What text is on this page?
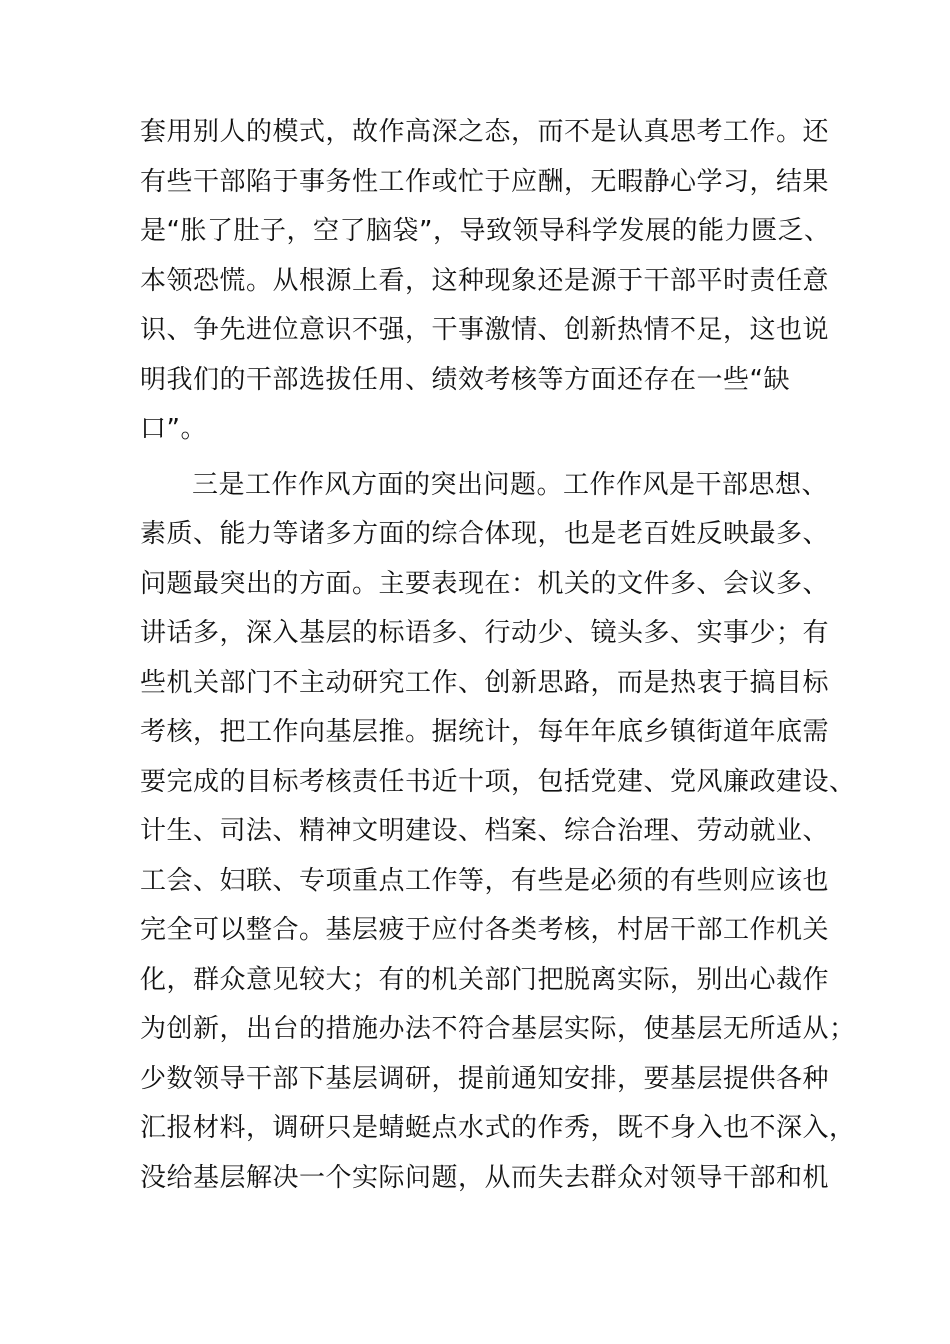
套用别人的模式，故作高深之态，而不是认真思考工作。还
有些干部陷于事务性工作或忙于应酬，无暇静心学习，结果
是“胀了肚子，空了脑袋”，导致领导科学发展的能力匮乏、
本领恐慌。从根源上看，这种现象还是源于干部平时责任意
识、争先进位意识不强，干事激情、创新热情不足，这也说
明我们的干部选拔任用、绩效考核等方面还存在一些“缺
口”。
三是工作作风方面的突出问题。工作作风是干部思想、
素质、能力等诸多方面的综合体现，也是老百姓反映最多、
问题最突出的方面。主要表现在：机关的文件多、会议多、
讲话多，深入基层的标语多、行动少、镜头多、实事少；有
些机关部门不主动研究工作、创新思路，而是热衷于搞目标
考核，把工作向基层推。据统计，每年年底乡镇街道年底需
要完成的目标考核责任书近十项，包括党建、党风廉政建设、
计生、司法、精神文明建设、档案、综合治理、劳动就业、
工会、妇联、专项重点工作等，有些是必须的有些则应该也
完全可以整合。基层疲于应付各类考核，村居干部工作机关
化，群众意见较大；有的机关部门把脱离实际，别出心裁作
为创新，出台的措施办法不符合基层实际，使基层无所适从；
少数领导干部下基层调研，提前通知安排，要基层提供各种
汇报材料，调研只是蜻蜓点水式的作秀，既不身入也不深入，
没给基层解决一个实际问题，从而失去群众对领导干部和机
